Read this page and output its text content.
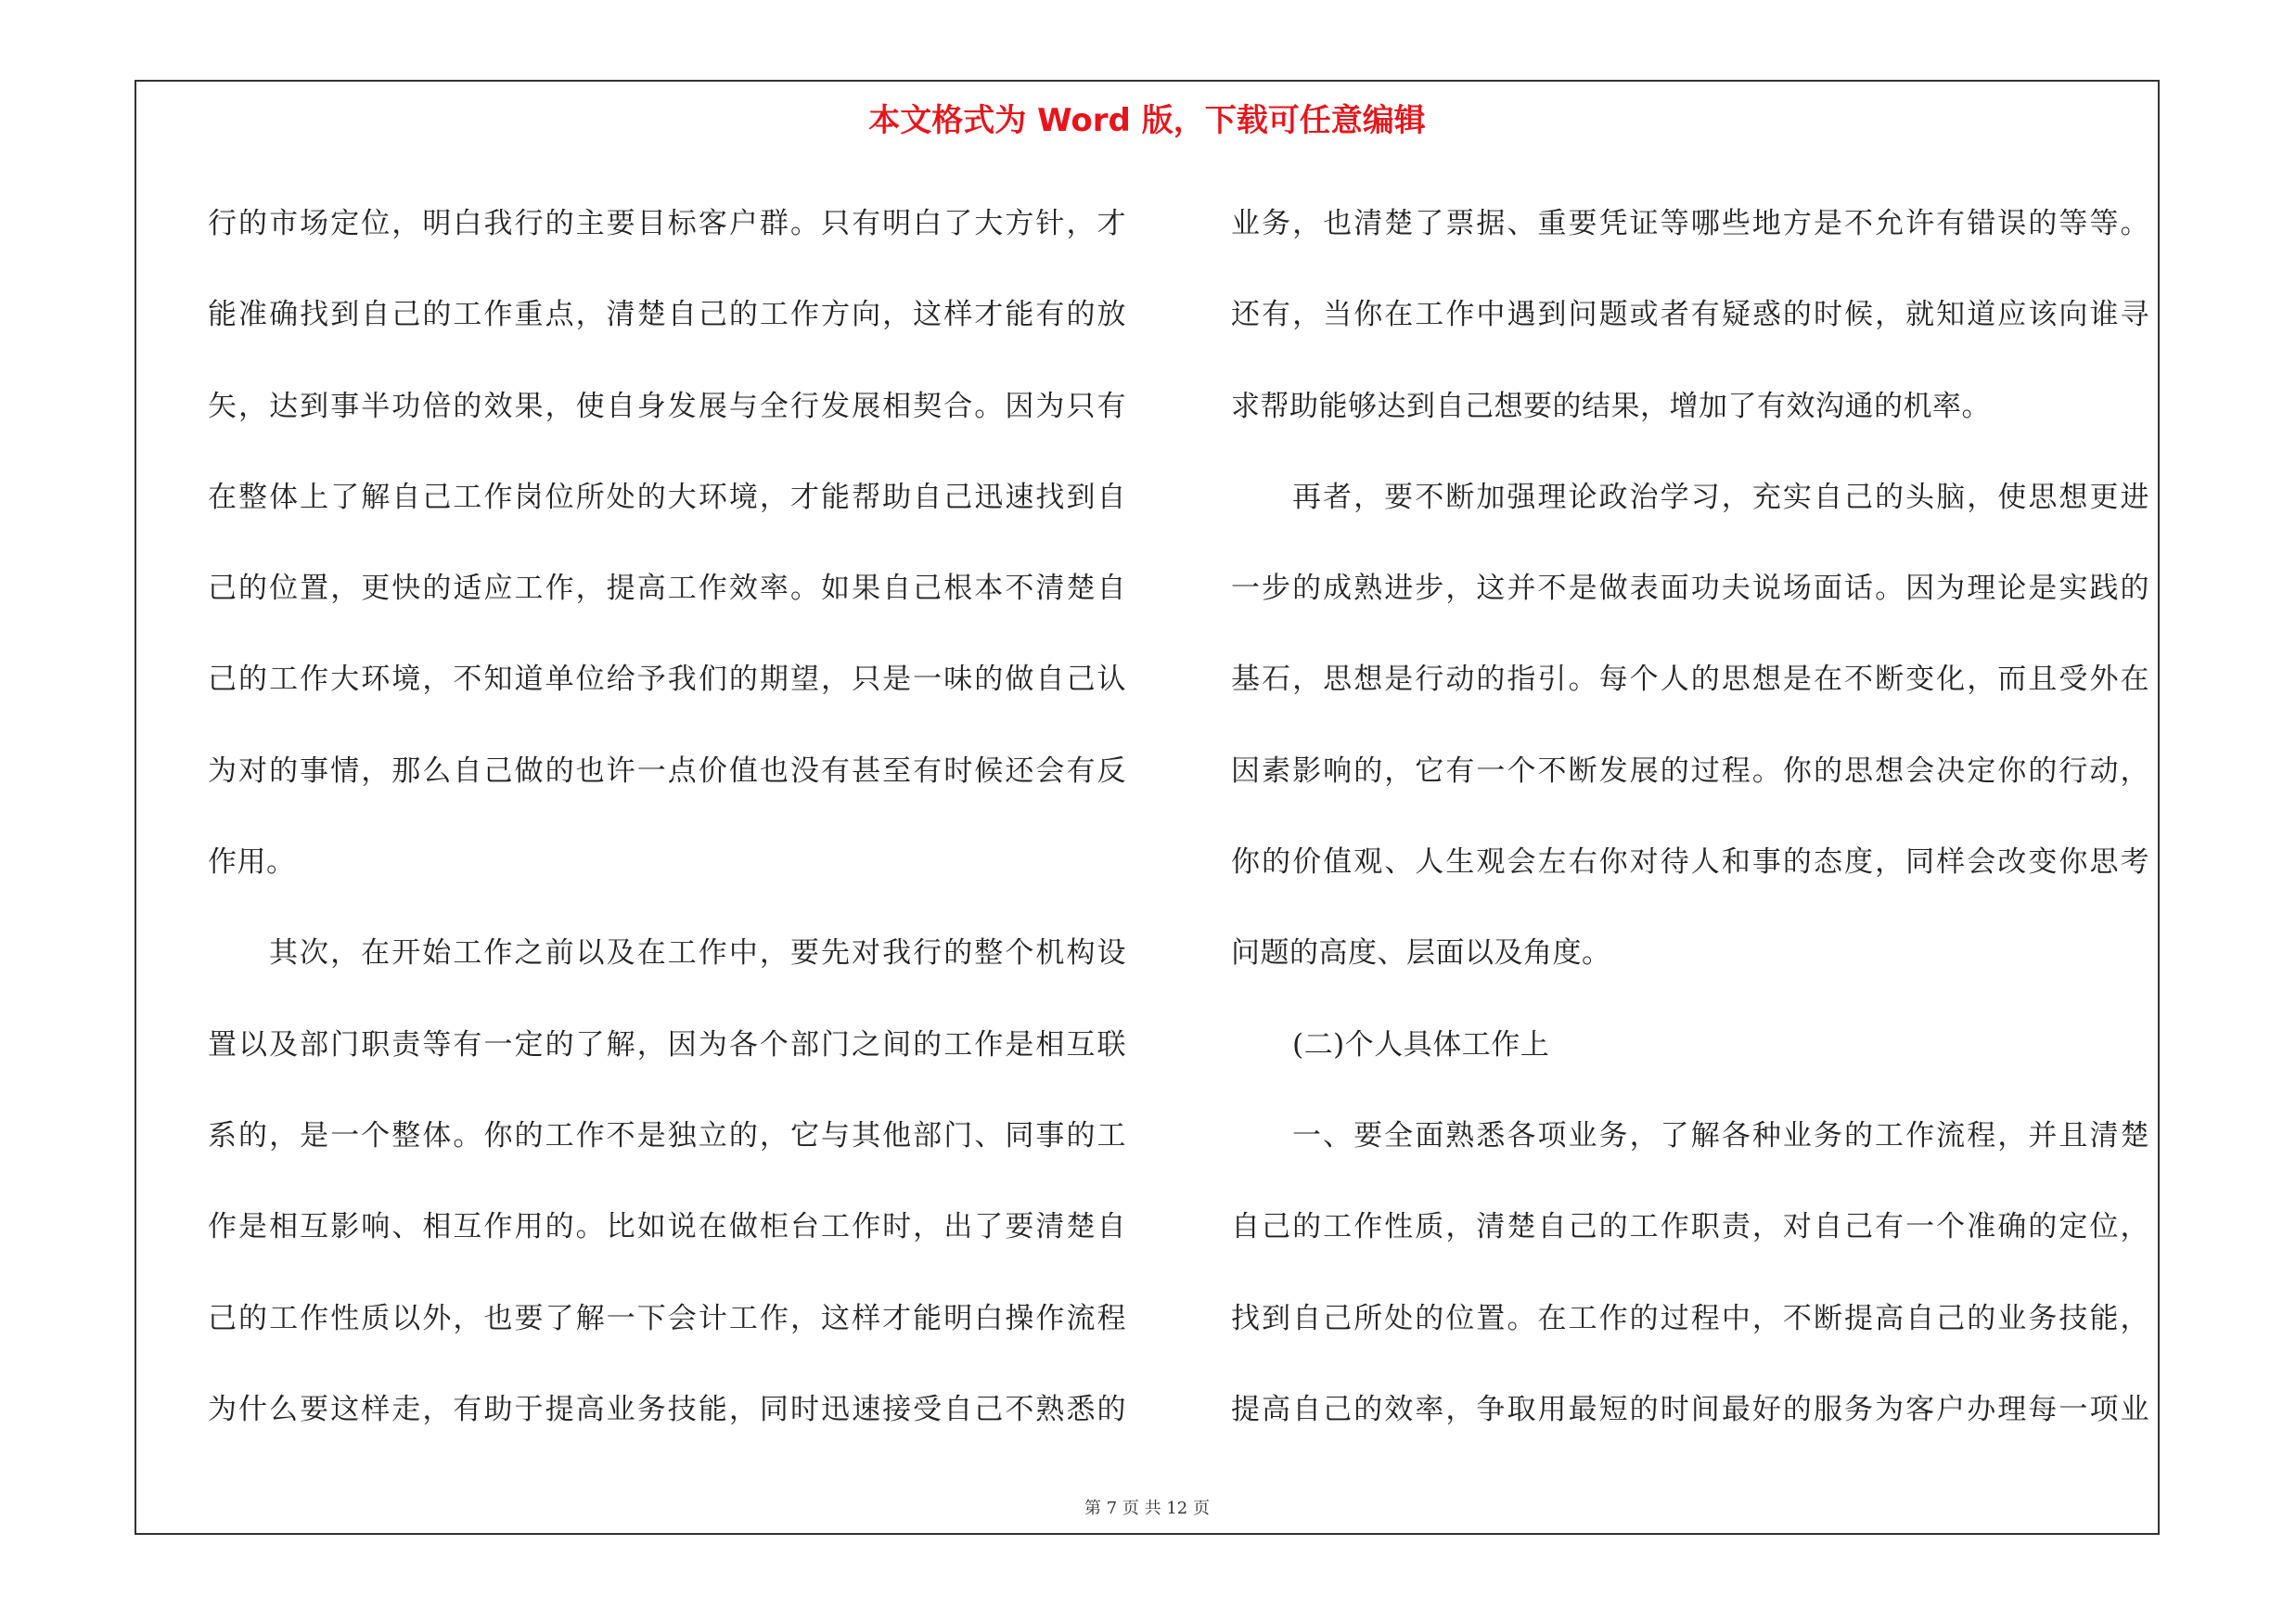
本文格式为 Word 版，下载可任意编辑
行的市场定位，明白我行的主要目标客户群。只有明白了大方针，才
能准确找到自己的工作重点，清楚自己的工作方向，这样才能有的放
矢，达到事半功倍的效果，使自身发展与全行发展相契合。因为只有
在整体上了解自己工作岗位所处的大环境，才能帮助自己迅速找到自
己的位置，更快的适应工作，提高工作效率。如果自己根本不清楚自
己的工作大环境，不知道单位给予我们的期望，只是一味的做自己认
为对的事情，那么自己做的也许一点价值也没有甚至有时候还会有反
作用。
其次，在开始工作之前以及在工作中，要先对我行的整个机构设
置以及部门职责等有一定的了解，因为各个部门之间的工作是相互联
系的，是一个整体。你的工作不是独立的，它与其他部门、同事的工
作是相互影响、相互作用的。比如说在做柜台工作时，出了要清楚自
己的工作性质以外，也要了解一下会计工作，这样才能明白操作流程
为什么要这样走，有助于提高业务技能，同时迅速接受自己不熟悉的
业务，也清楚了票据、重要凭证等哪些地方是不允许有错误的等等。
还有，当你在工作中遇到问题或者有疑惑的时候，就知道应该向谁寻
求帮助能够达到自己想要的结果，增加了有效沟通的机率。
再者，要不断加强理论政治学习，充实自己的头脑，使思想更进
一步的成熟进步，这并不是做表面功夫说场面话。因为理论是实践的
基石，思想是行动的指引。每个人的思想是在不断变化，而且受外在
因素影响的，它有一个不断发展的过程。你的思想会决定你的行动，
你的价值观、人生观会左右你对待人和事的态度，同样会改变你思考
问题的高度、层面以及角度。
(二)个人具体工作上
一、要全面熟悉各项业务，了解各种业务的工作流程，并且清楚
自己的工作性质，清楚自己的工作职责，对自己有一个准确的定位，
找到自己所处的位置。在工作的过程中，不断提高自己的业务技能，
提高自己的效率，争取用最短的时间最好的服务为客户办理每一项业
第 7 页 共 12 页
